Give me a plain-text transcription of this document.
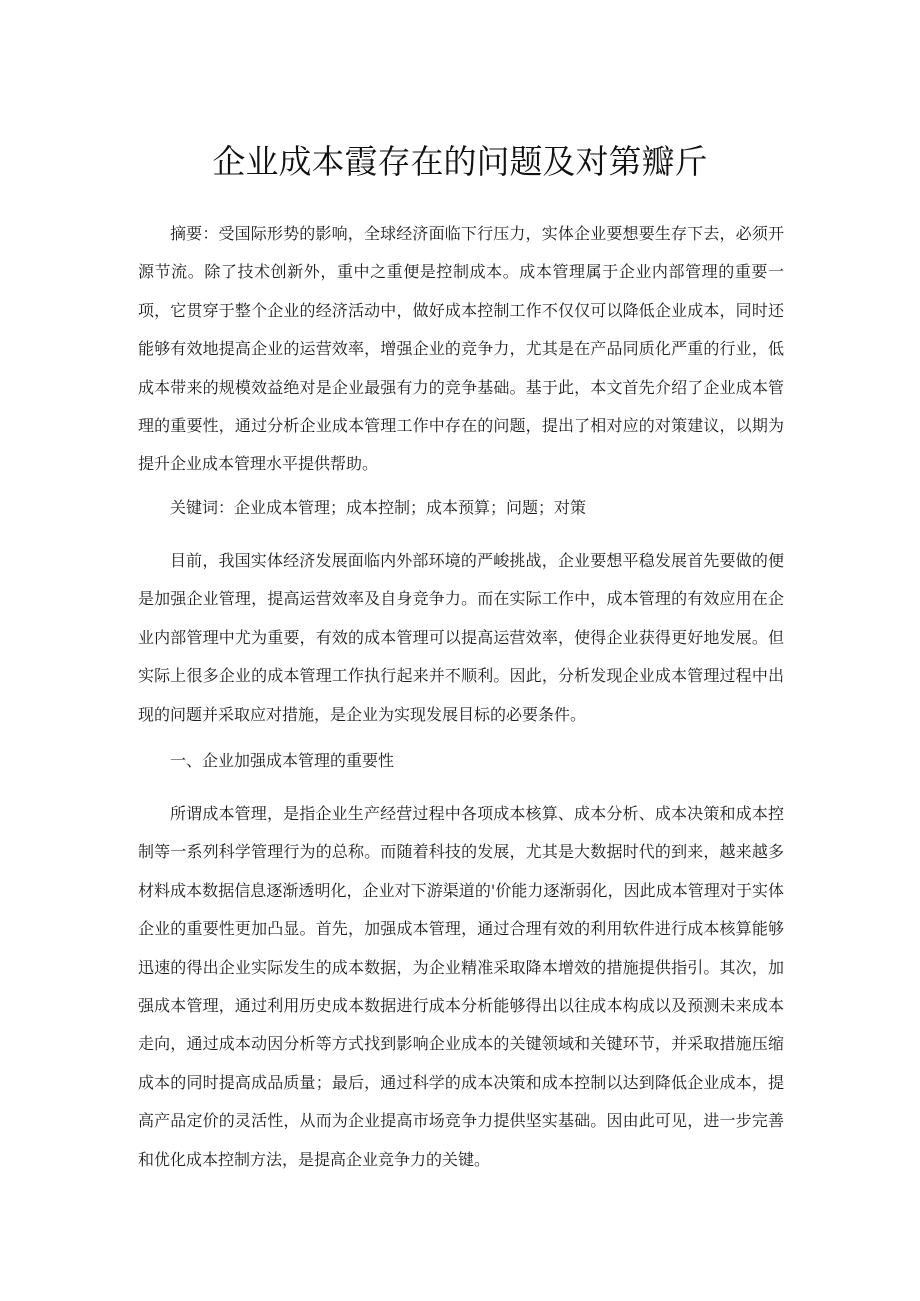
企业成本霞存在的问题及对第瓣斤

摘要：受国际形势的影响，全球经济面临下行压力，实体企业要想要生存下去，必须开源节流。除了技术创新外，重中之重便是控制成本。成本管理属于企业内部管理的重要一项，它贯穿于整个企业的经济活动中，做好成本控制工作不仅仅可以降低企业成本，同时还能够有效地提高企业的运营效率，增强企业的竞争力，尤其是在产品同质化严重的行业，低成本带来的规模效益绝对是企业最强有力的竞争基础。基于此，本文首先介绍了企业成本管理的重要性，通过分析企业成本管理工作中存在的问题，提出了相对应的对策建议，以期为提升企业成本管理水平提供帮助。

关键词：企业成本管理；成本控制；成本预算；问题；对策

目前，我国实体经济发展面临内外部环境的严峻挑战，企业要想平稳发展首先要做的便是加强企业管理，提高运营效率及自身竞争力。而在实际工作中，成本管理的有效应用在企业内部管理中尤为重要，有效的成本管理可以提高运营效率，使得企业获得更好地发展。但实际上很多企业的成本管理工作执行起来并不顺利。因此，分析发现企业成本管理过程中出现的问题并采取应对措施，是企业为实现发展目标的必要条件。

一、企业加强成本管理的重要性

所谓成本管理，是指企业生产经营过程中各项成本核算、成本分析、成本决策和成本控制等一系列科学管理行为的总称。而随着科技的发展，尤其是大数据时代的到来，越来越多材料成本数据信息逐渐透明化，企业对下游渠道的'价能力逐渐弱化，因此成本管理对于实体企业的重要性更加凸显。首先，加强成本管理，通过合理有效的利用软件进行成本核算能够迅速的得出企业实际发生的成本数据，为企业精准采取降本增效的措施提供指引。其次，加强成本管理，通过利用历史成本数据进行成本分析能够得出以往成本构成以及预测未来成本走向，通过成本动因分析等方式找到影响企业成本的关键领域和关键环节，并采取措施压缩成本的同时提高成品质量；最后，通过科学的成本决策和成本控制以达到降低企业成本，提高产品定价的灵活性，从而为企业提高市场竞争力提供坚实基础。因由此可见，进一步完善和优化成本控制方法，是提高企业竞争力的关键。
